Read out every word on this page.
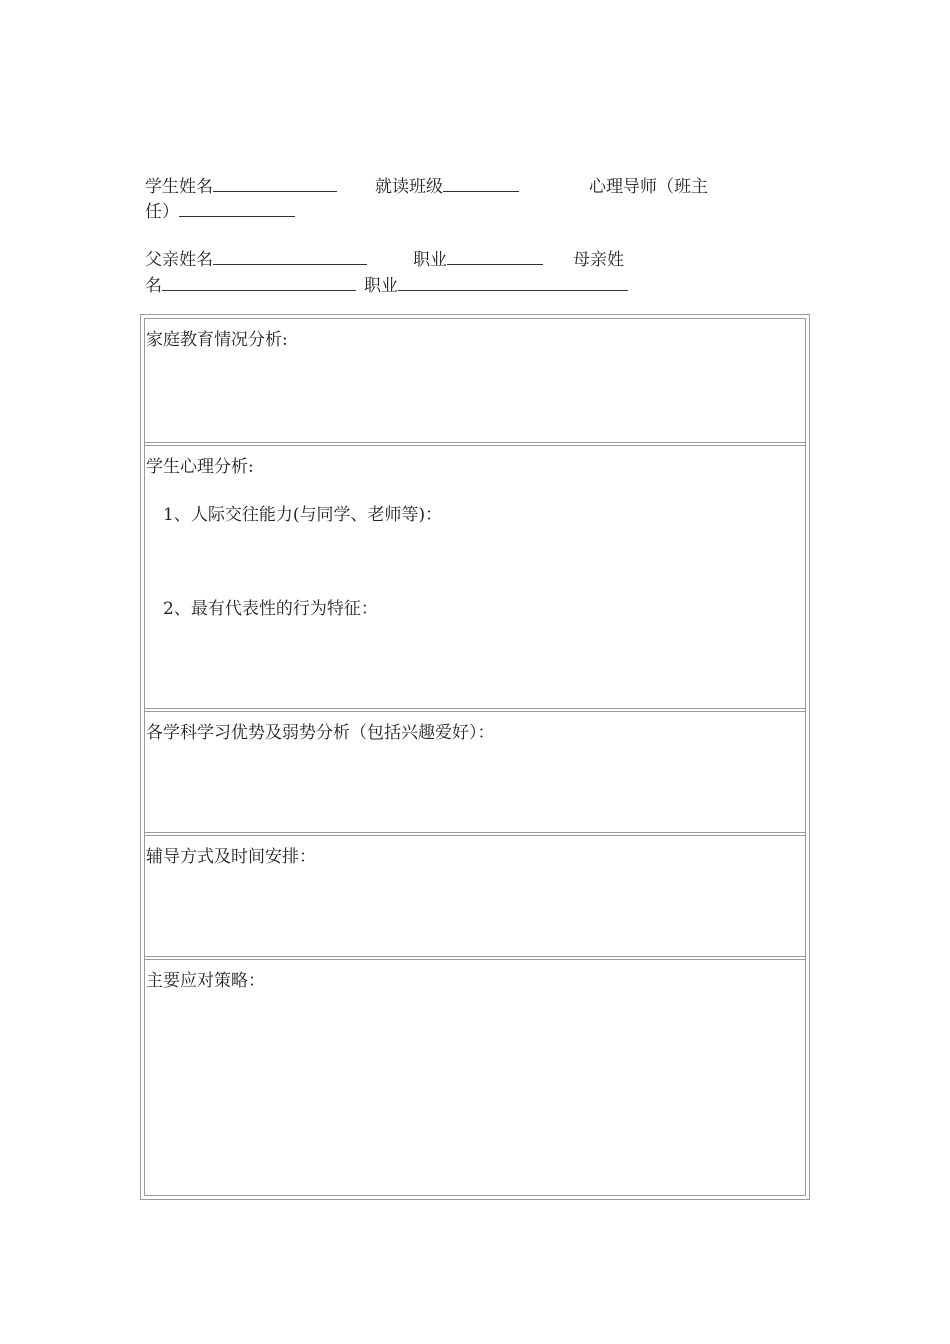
学生姓名	就读班级	心理导师（班主
任）
父亲姓名	职业	母亲姓
名	职业
家庭教育情况分析:
学生心理分析:
1、人际交往能力(与同学、老师等)：
2、最有代表性的行为特征：
各学科学习优势及弱势分析（包括兴趣爱好）：
辅导方式及时间安排：
主要应对策略：
